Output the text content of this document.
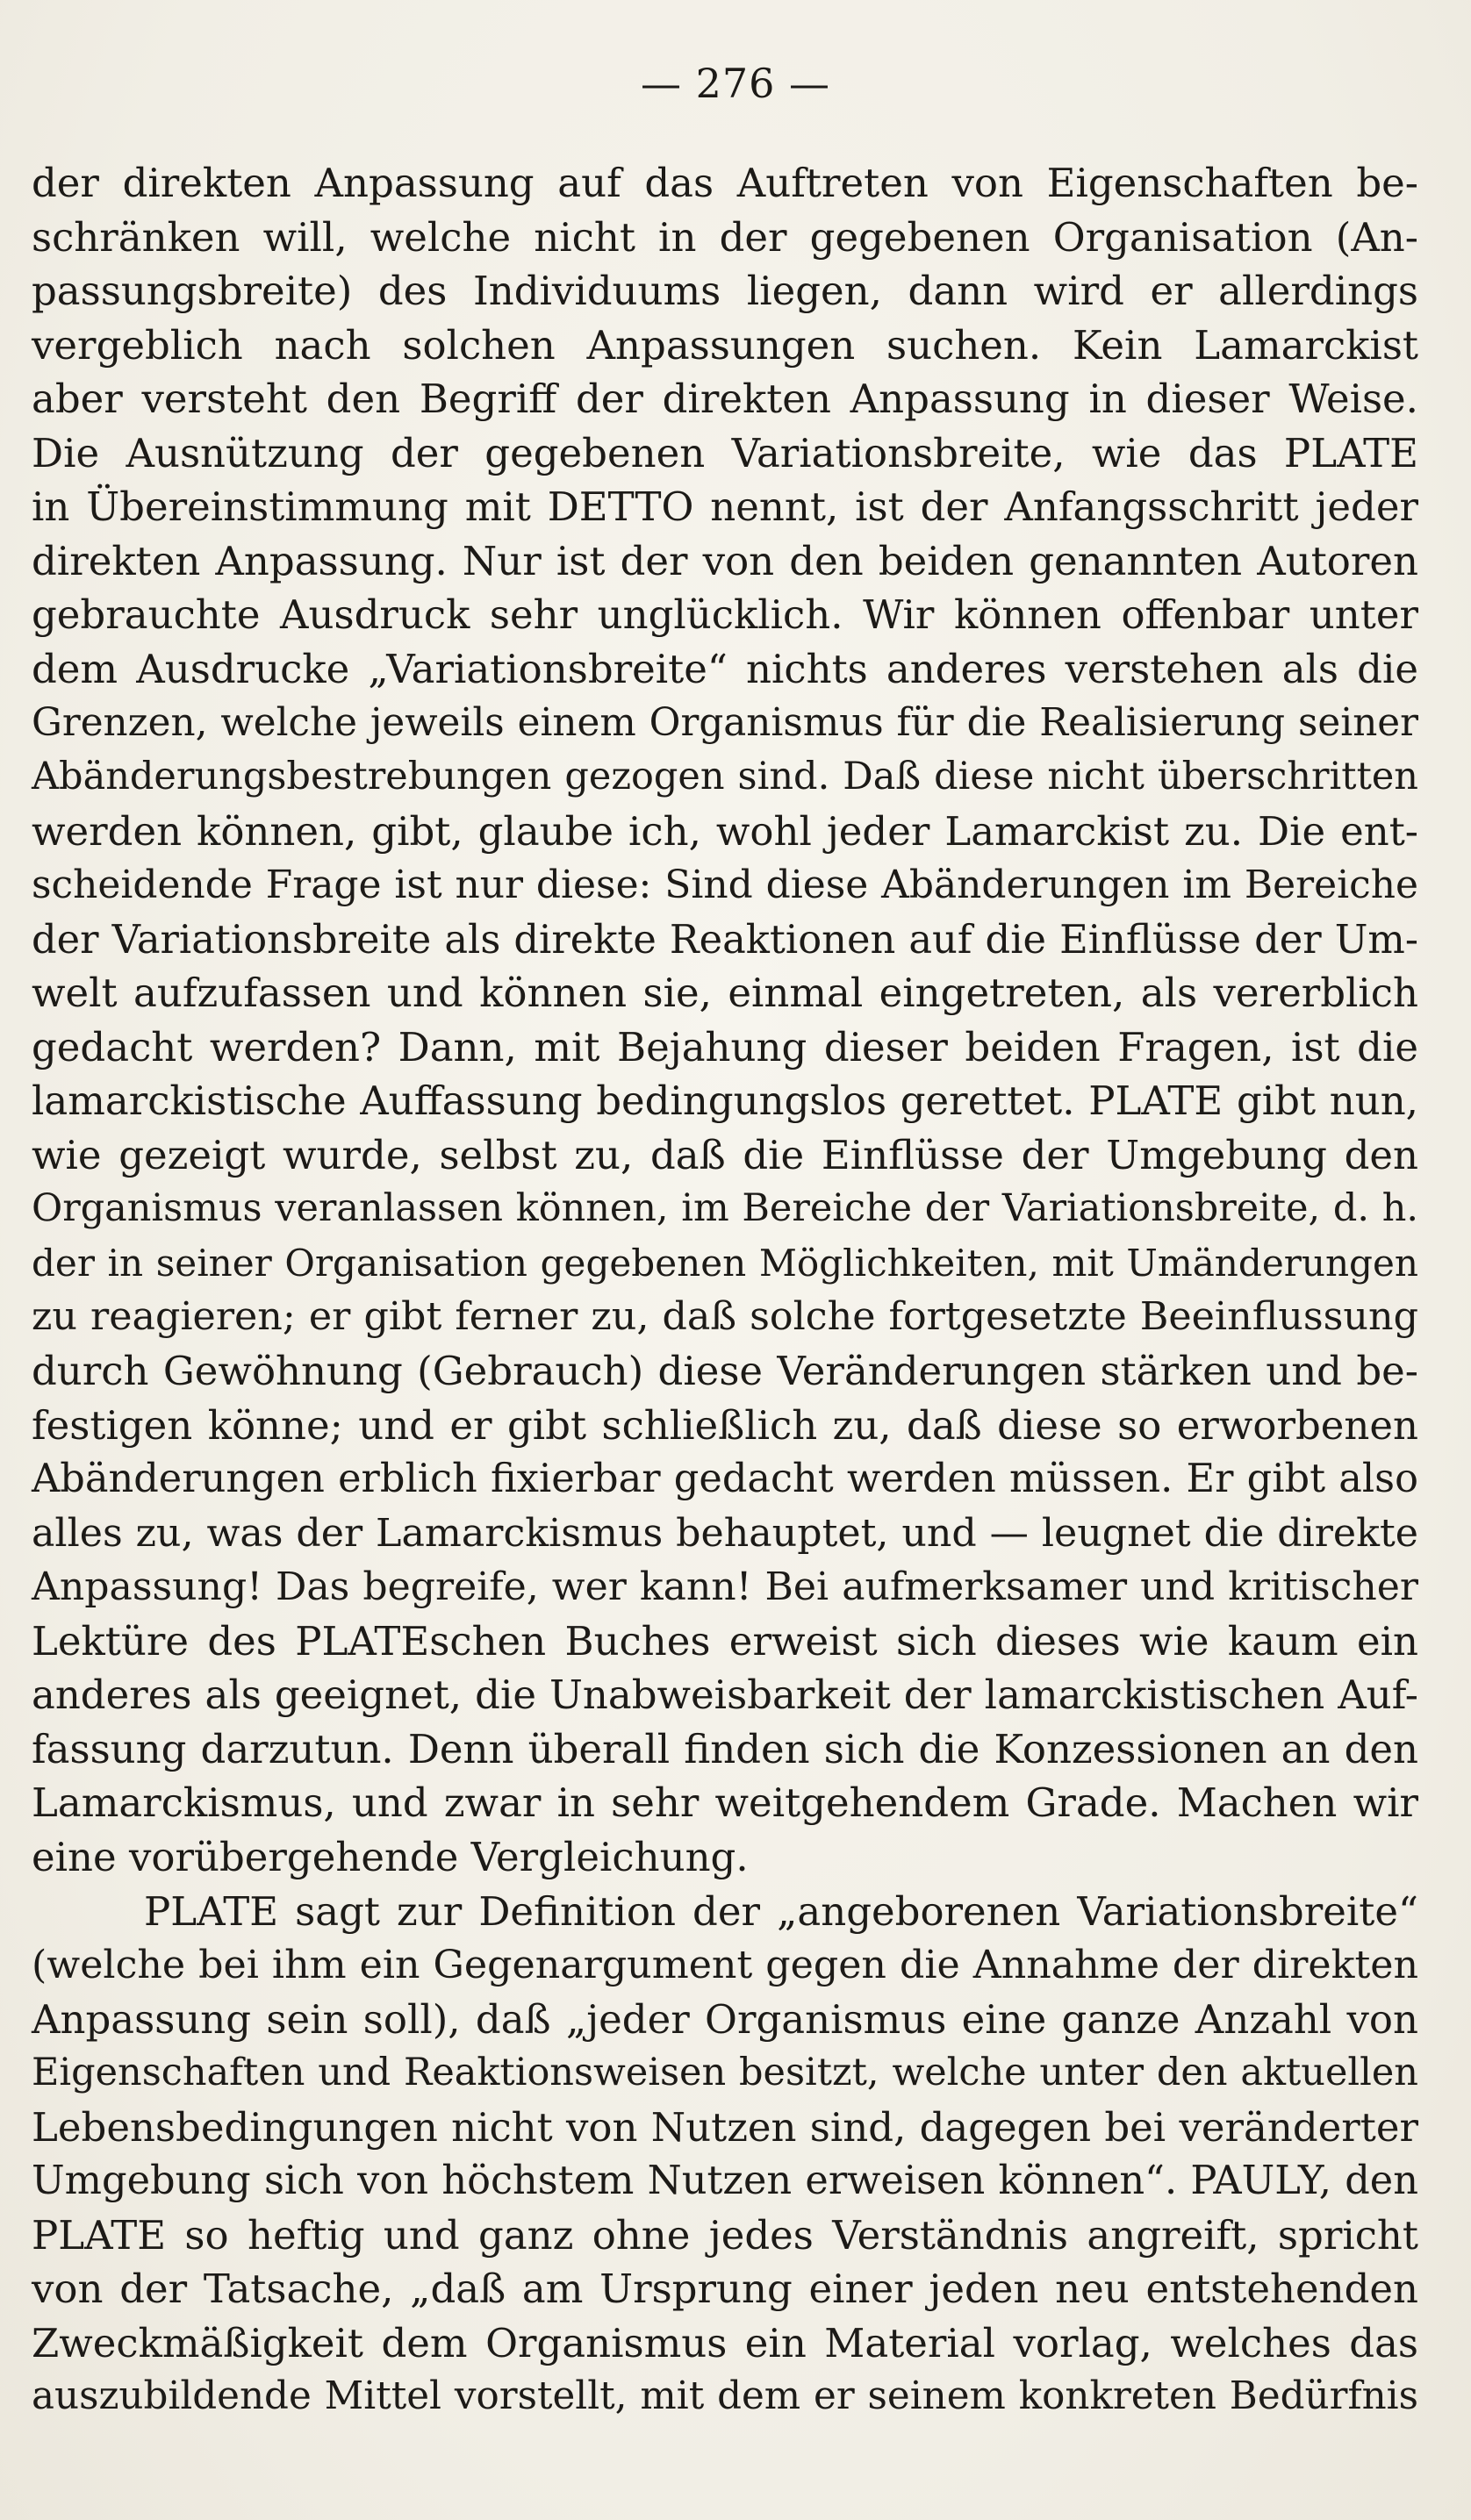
— 276 —
der direkten Anpassung auf das Auftreten von Eigenschaften be-
schränken will, welche nicht in der gegebenen Organisation (An-
passungsbreite) des Individuums liegen, dann wird er allerdings
vergeblich nach solchen Anpassungen suchen. Kein Lamarckist
aber versteht den Begriff der direkten Anpassung in dieser Weise.
Die Ausnützung der gegebenen Variationsbreite, wie das PLATE
in Übereinstimmung mit DETTO nennt, ist der Anfangsschritt jeder
direkten Anpassung. Nur ist der von den beiden genannten Autoren
gebrauchte Ausdruck sehr unglücklich. Wir können offenbar unter
dem Ausdrucke „Variationsbreite“ nichts anderes verstehen als die
Grenzen, welche jeweils einem Organismus für die Realisierung seiner
Abänderungsbestrebungen gezogen sind. Daß diese nicht überschritten
werden können, gibt, glaube ich, wohl jeder Lamarckist zu. Die ent-
scheidende Frage ist nur diese: Sind diese Abänderungen im Bereiche
der Variationsbreite als direkte Reaktionen auf die Einflüsse der Um-
welt aufzufassen und können sie, einmal eingetreten, als vererblich
gedacht werden? Dann, mit Bejahung dieser beiden Fragen, ist die
lamarckistische Auffassung bedingungslos gerettet. PLATE gibt nun,
wie gezeigt wurde, selbst zu, daß die Einflüsse der Umgebung den
Organismus veranlassen können, im Bereiche der Variationsbreite, d. h.
der in seiner Organisation gegebenen Möglichkeiten, mit Umänderungen
zu reagieren; er gibt ferner zu, daß solche fortgesetzte Beeinflussung
durch Gewöhnung (Gebrauch) diese Veränderungen stärken und be-
festigen könne; und er gibt schließlich zu, daß diese so erworbenen
Abänderungen erblich fixierbar gedacht werden müssen. Er gibt also
alles zu, was der Lamarckismus behauptet, und — leugnet die direkte
Anpassung! Das begreife, wer kann! Bei aufmerksamer und kritischer
Lektüre des PLATEschen Buches erweist sich dieses wie kaum ein
anderes als geeignet, die Unabweisbarkeit der lamarckistischen Auf-
fassung darzutun. Denn überall finden sich die Konzessionen an den
Lamarckismus, und zwar in sehr weitgehendem Grade. Machen wir
eine vorübergehende Vergleichung.
PLATE sagt zur Definition der „angeborenen Variationsbreite“
(welche bei ihm ein Gegenargument gegen die Annahme der direkten
Anpassung sein soll), daß „jeder Organismus eine ganze Anzahl von
Eigenschaften und Reaktionsweisen besitzt, welche unter den aktuellen
Lebensbedingungen nicht von Nutzen sind, dagegen bei veränderter
Umgebung sich von höchstem Nutzen erweisen können“. PAULY, den
PLATE so heftig und ganz ohne jedes Verständnis angreift, spricht
von der Tatsache, „daß am Ursprung einer jeden neu entstehenden
Zweckmäßigkeit dem Organismus ein Material vorlag, welches das
auszubildende Mittel vorstellt, mit dem er seinem konkreten Bedürfnis
